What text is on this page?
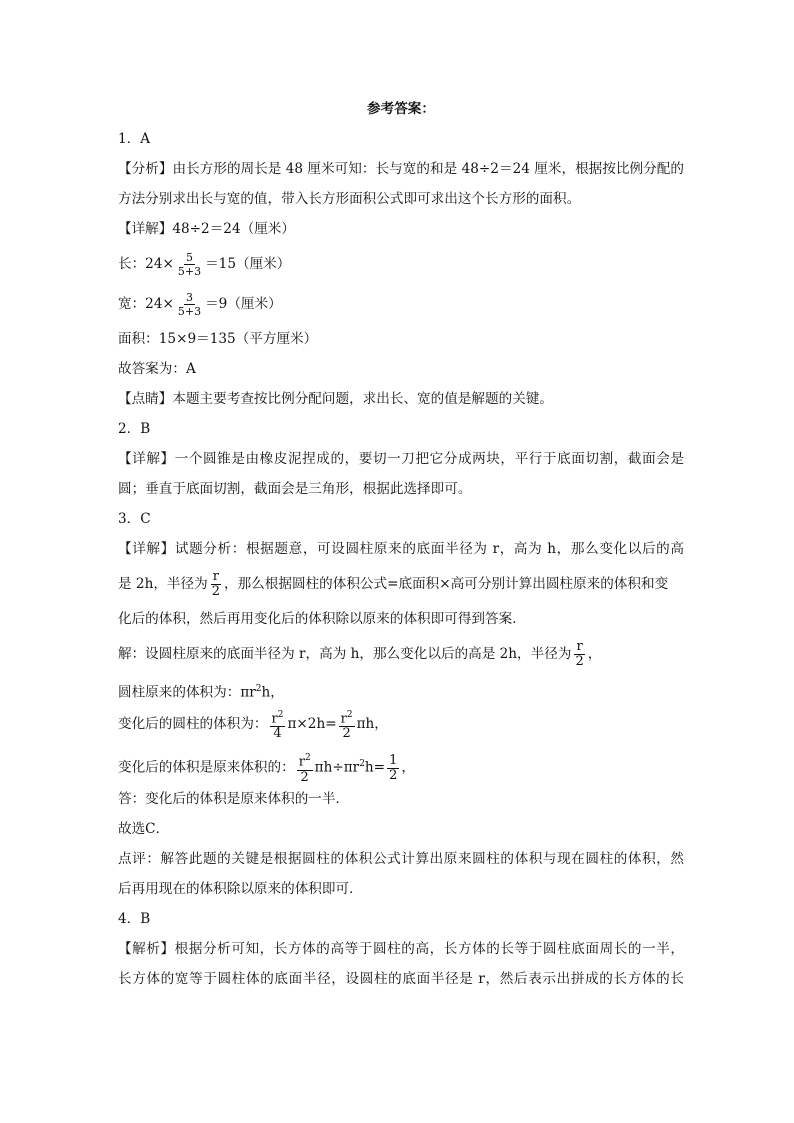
参考答案：
1．A
【分析】由长方形的周长是 48 厘米可知：长与宽的和是 48÷2＝24 厘米，根据按比例分配的
方法分别求出长与宽的值，带入长方形面积公式即可求出这个长方形的面积。
【详解】48÷2＝24（厘米）
长：$24\times \frac{5}{5+3} =15$（厘米）
宽：$24\times \frac{3}{5+3} =9$（厘米）
面积：15×9＝135（平方厘米）
故答案为：A
【点睛】本题主要考查按比例分配问题，求出长、宽的值是解题的关键。
2．B
【详解】一个圆锥是由橡皮泥捏成的，要切一刀把它分成两块，平行于底面切割，截面会是
圆；垂直于底面切割，截面会是三角形，根据此选择即可。
3．C
【详解】试题分析：根据题意，可设圆柱原来的底面半径为 r，高为 h，那么变化以后的高
是 2h，半径为 $\frac{r}{2}$ ，那么根据圆柱的体积公式=底面积×高可分别计算出圆柱原来的体积和变
化后的体积，然后再用变化后的体积除以原来的体积即可得到答案．
解：设圆柱原来的底面半径为 r，高为 h，那么变化以后的高是 2h，半径为 $\frac{r}{2}$ ，
圆柱原来的体积为：$\pi r^2h$，
变化后的圆柱的体积为： $\frac{r^2}{4} \pi\times 2h= \frac{r^2}{2}$ πh，
变化后的体积是原来体积的： $\frac{r^2}{2} \pi h\div\pi r^2h= \frac{1}{2}$ ，
答：变化后的体积是原来体积的一半．
故选C．
点评：解答此题的关键是根据圆柱的体积公式计算出原来圆柱的体积与现在圆柱的体积，然
后再用现在的体积除以原来的体积即可．
4．B
【解析】根据分析可知，长方体的高等于圆柱的高，长方体的长等于圆柱底面周长的一半，
长方体的宽等于圆柱体的底面半径，设圆柱的底面半径是 r，然后表示出拼成的长方体的长
